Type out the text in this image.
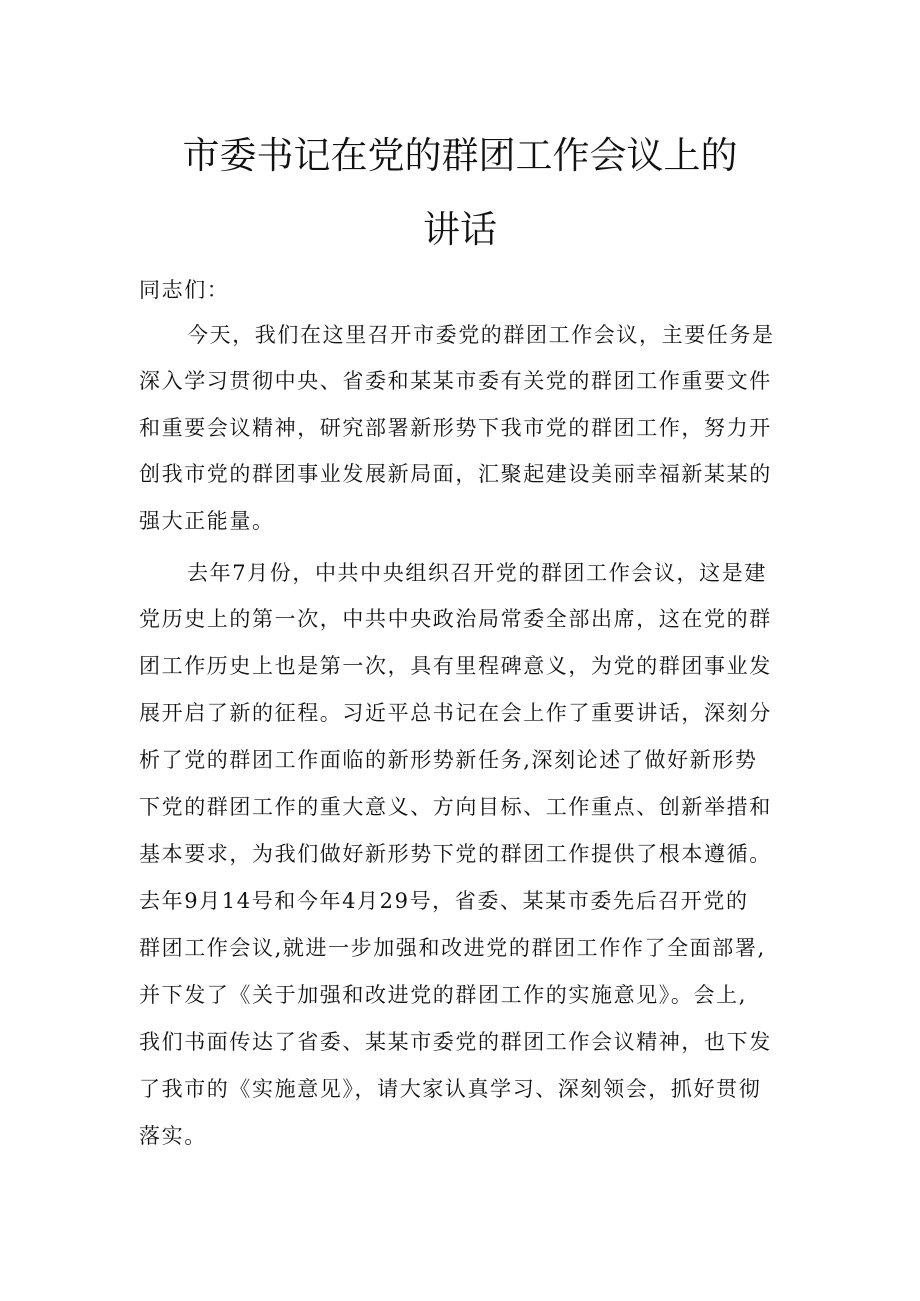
市委书记在党的群团工作会议上的
讲话
同志们：
今天，我们在这里召开市委党的群团工作会议，主要任务是
深入学习贯彻中央、省委和某某市委有关党的群团工作重要文件
和重要会议精神，研究部署新形势下我市党的群团工作，努力开
创我市党的群团事业发展新局面，汇聚起建设美丽幸福新某某的
强大正能量。
去年7月份，中共中央组织召开党的群团工作会议，这是建
党历史上的第一次，中共中央政治局常委全部出席，这在党的群
团工作历史上也是第一次，具有里程碑意义，为党的群团事业发
展开启了新的征程。习近平总书记在会上作了重要讲话，深刻分
析了党的群团工作面临的新形势新任务,深刻论述了做好新形势
下党的群团工作的重大意义、方向目标、工作重点、创新举措和
基本要求，为我们做好新形势下党的群团工作提供了根本遵循。
去年9月14号和今年4月29号，省委、某某市委先后召开党的
群团工作会议,就进一步加强和改进党的群团工作作了全面部署,
并下发了《关于加强和改进党的群团工作的实施意见》。会上,
我们书面传达了省委、某某市委党的群团工作会议精神，也下发
了我市的《实施意见》，请大家认真学习、深刻领会，抓好贯彻
落实。
